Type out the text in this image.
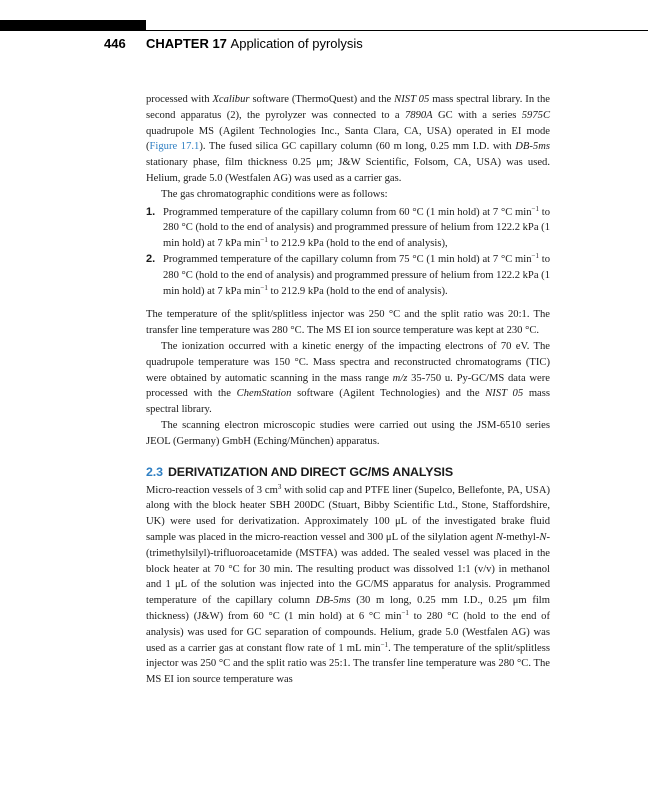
446 CHAPTER 17 Application of pyrolysis

processed with Xcalibur software (ThermoQuest) and the NIST 05 mass spectral library. In the second apparatus (2), the pyrolyzer was connected to a 7890A GC with a series 5975C quadrupole MS (Agilent Technologies Inc., Santa Clara, CA, USA) operated in EI mode (Figure 17.1). The fused silica GC capillary column (60 m long, 0.25 mm I.D. with DB-5ms stationary phase, film thickness 0.25 μm; J&W Scientific, Folsom, CA, USA) was used. Helium, grade 5.0 (Westfalen AG) was used as a carrier gas.

The gas chromatographic conditions were as follows:

1. Programmed temperature of the capillary column from 60 °C (1 min hold) at 7 °C $\min^{-1}$ to 280 °C (hold to the end of analysis) and programmed pressure of helium from 122.2 kPa (1 min hold) at 7 kPa $\min^{-1}$ to 212.9 kPa (hold to the end of analysis),
2. Programmed temperature of the capillary column from 75 °C (1 min hold) at 7 °C $\min^{-1}$ to 280 °C (hold to the end of analysis) and programmed pressure of helium from 122.2 kPa (1 min hold) at 7 kPa $\min^{-1}$ to 212.9 kPa (hold to the end of analysis).

The temperature of the split/splitless injector was 250 °C and the split ratio was 20:1. The transfer line temperature was 280 °C. The MS EI ion source temperature was kept at 230 °C.

The ionization occurred with a kinetic energy of the impacting electrons of 70 eV. The quadrupole temperature was 150 °C. Mass spectra and reconstructed chromatograms (TIC) were obtained by automatic scanning in the mass range m/z 35-750 u. Py-GC/MS data were processed with the ChemStation software (Agilent Technologies) and the NIST 05 mass spectral library.

The scanning electron microscopic studies were carried out using the JSM-6510 series JEOL (Germany) GmbH (Eching/München) apparatus.

2.3 DERIVATIZATION AND DIRECT GC/MS ANALYSIS

Micro-reaction vessels of 3 $cm^3$ with solid cap and PTFE liner (Supelco, Bellefonte, PA, USA) along with the block heater SBH 200DC (Stuart, Bibby Scientific Ltd., Stone, Staffordshire, UK) were used for derivatization. Approximately 100 μL of the investigated brake fluid sample was placed in the micro-reaction vessel and 300 μL of the silylation agent N-methyl-N-(trimethylsilyl)-trifluoroacetamide (MSTFA) was added. The sealed vessel was placed in the block heater at 70 °C for 30 min. The resulting product was dissolved 1:1 (v/v) in methanol and 1 μL of the solution was injected into the GC/MS apparatus for analysis. Programmed temperature of the capillary column DB-5ms (30 m long, 0.25 mm I.D., 0.25 μm film thickness) (J&W) from 60 °C (1 min hold) at 6 °C $\min^{-1}$ to 280 °C (hold to the end of analysis) was used for GC separation of compounds. Helium, grade 5.0 (Westfalen AG) was used as a carrier gas at constant flow rate of 1 mL $\min^{-1}$. The temperature of the split/splitless injector was 250 °C and the split ratio was 25:1. The transfer line temperature was 280 °C. The MS EI ion source temperature was
